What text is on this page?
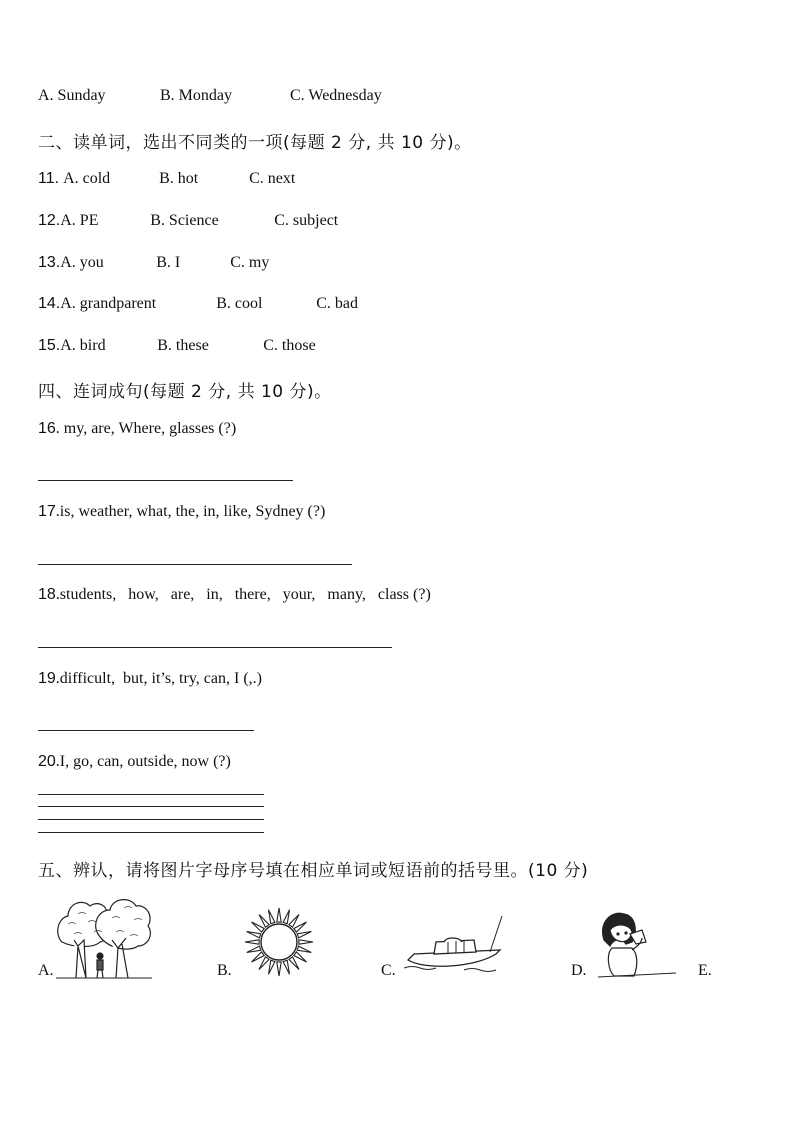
A. Sunday	B. Monday	C. Wednesday
二、读单词，选出不同类的一项(每题 2 分, 共 10 分)。
11. A. cold	B. hot	C. next
12.A. PE	B. Science	C. subject
13.A. you	B. I	C. my
14.A. grandparent	B. cool	C. bad
15.A. bird	B. these	C. those
四、连词成句(每题 2 分, 共 10 分)。
16. my, are, Where, glasses (?)
17.is, weather, what, the, in, like, Sydney (?)
18.students,   how,   are,   in,   there,   your,   many,   class (?)
19.difficult,  but, it’s, try, can, I (,.)
20.I, go, can, outside, now (?)
五、辨认，请将图片字母序号填在相应单词或短语前的括号里。(10 分)
A.	B.	C.	D.	E.
